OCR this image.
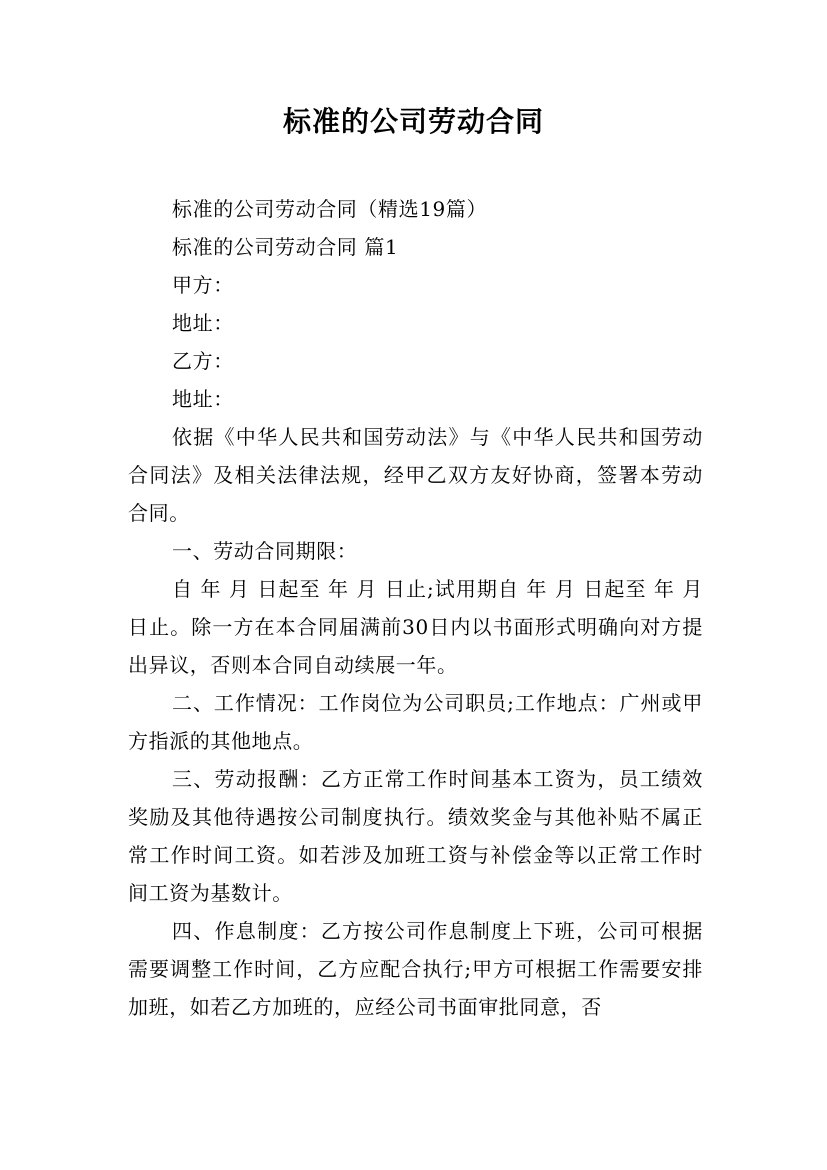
标准的公司劳动合同

标准的公司劳动合同（精选19篇）

标准的公司劳动合同 篇1

甲方：

地址：

乙方：

地址：

依据《中华人民共和国劳动法》与《中华人民共和国劳动合同法》及相关法律法规，经甲乙双方友好协商，签署本劳动合同。

一、劳动合同期限：

自 年 月 日起至 年 月 日止;试用期自 年 月 日起至 年 月日止。除一方在本合同届满前30日内以书面形式明确向对方提出异议，否则本合同自动续展一年。

二、工作情况：工作岗位为公司职员;工作地点：广州或甲方指派的其他地点。

三、劳动报酬：乙方正常工作时间基本工资为，员工绩效奖励及其他待遇按公司制度执行。绩效奖金与其他补贴不属正常工作时间工资。如若涉及加班工资与补偿金等以正常工作时间工资为基数计。

四、作息制度：乙方按公司作息制度上下班，公司可根据需要调整工作时间，乙方应配合执行;甲方可根据工作需要安排加班，如若乙方加班的，应经公司书面审批同意，否
